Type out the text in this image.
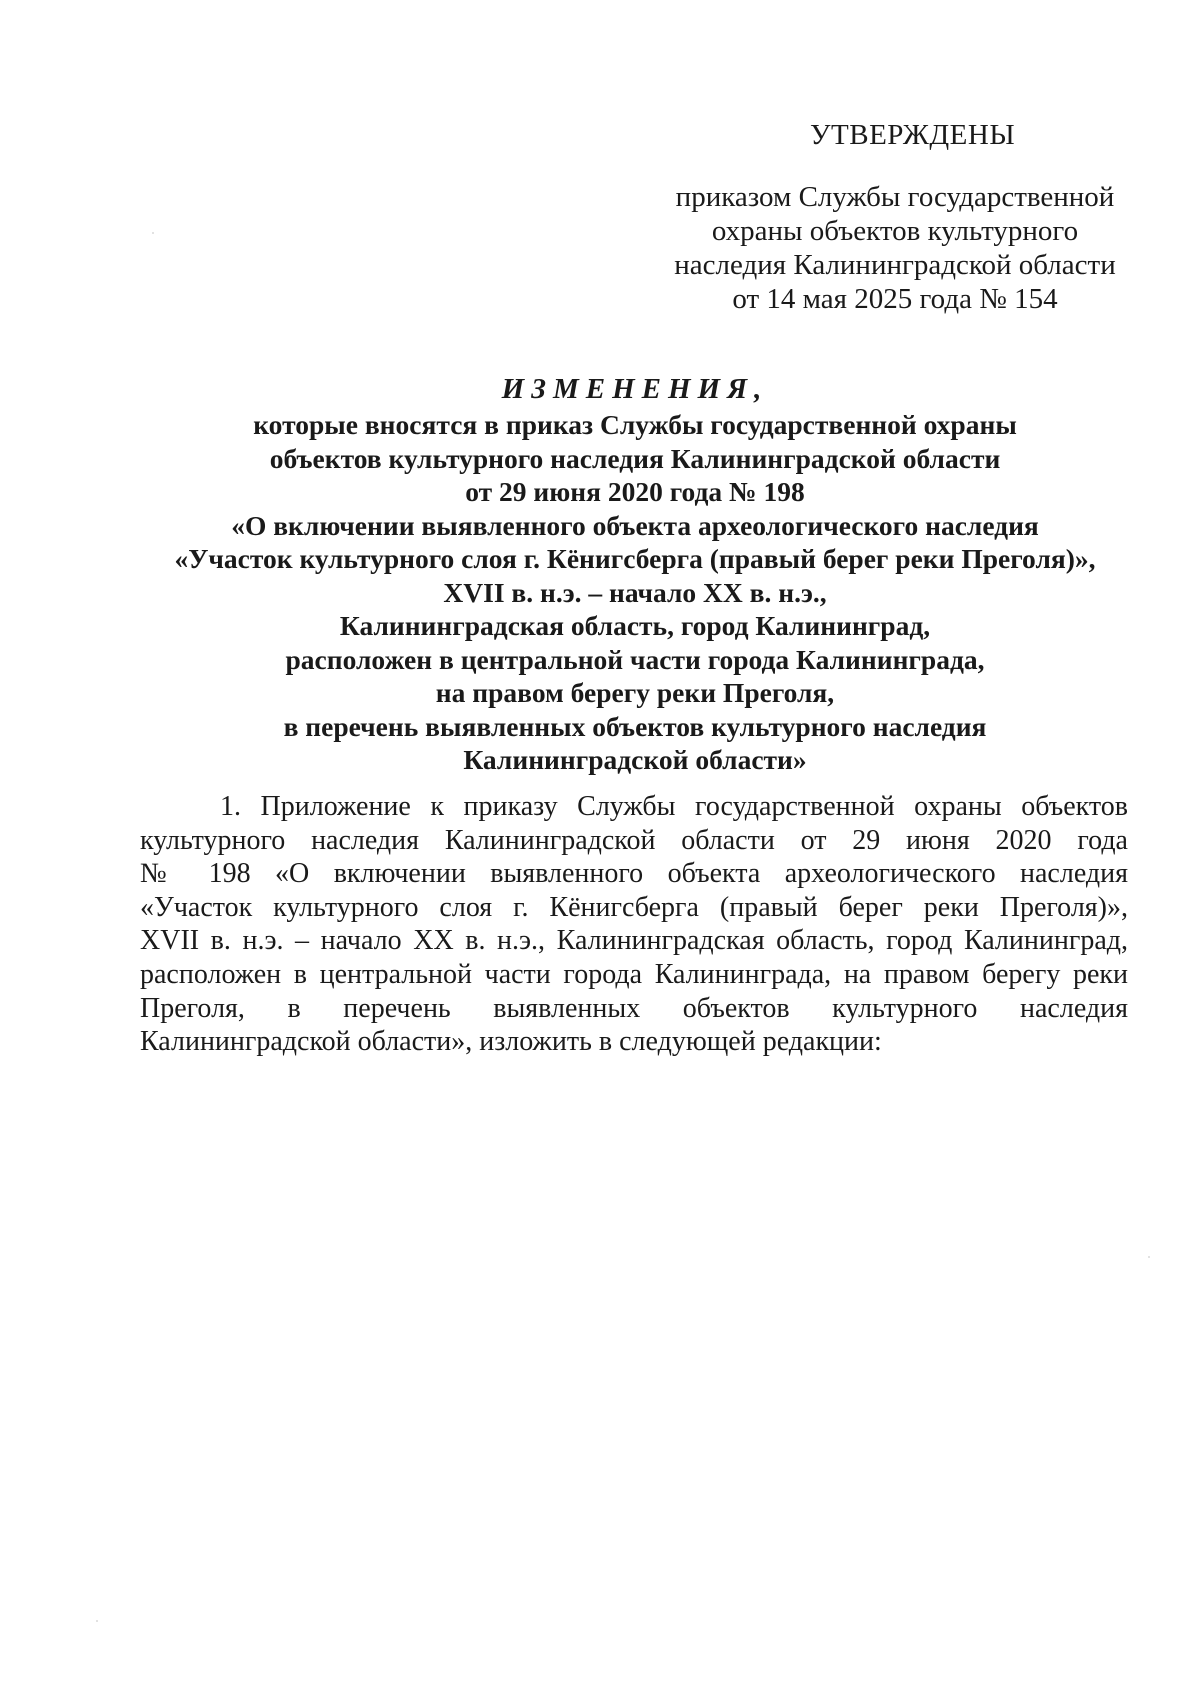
УТВЕРЖДЕНЫ
приказом Службы государственной
охраны объектов культурного
наследия Калининградской области
от 14 мая 2025 года № 154
ИЗМЕНЕНИЯ,
которые вносятся в приказ Службы государственной охраны
объектов культурного наследия Калининградской области
от 29 июня 2020 года № 198
«О включении выявленного объекта археологического наследия
«Участок культурного слоя г. Кёнигсберга (правый берег реки Преголя)»,
XVII в. н.э. – начало XX в. н.э.,
Калининградская область, город Калининград,
расположен в центральной части города Калининграда,
на правом берегу реки Преголя,
в перечень выявленных объектов культурного наследия
Калининградской области»
1. Приложение к приказу Службы государственной охраны объектов
культурного наследия Калининградской области от 29 июня 2020 года
№ 198 «О включении выявленного объекта археологического наследия
«Участок культурного слоя г. Кёнигсберга (правый берег реки Преголя)»,
XVII в. н.э. – начало XX в. н.э., Калининградская область, город Калининград,
расположен в центральной части города Калининграда, на правом берегу реки
Преголя, в перечень выявленных объектов культурного наследия
Калининградской области», изложить в следующей редакции:
